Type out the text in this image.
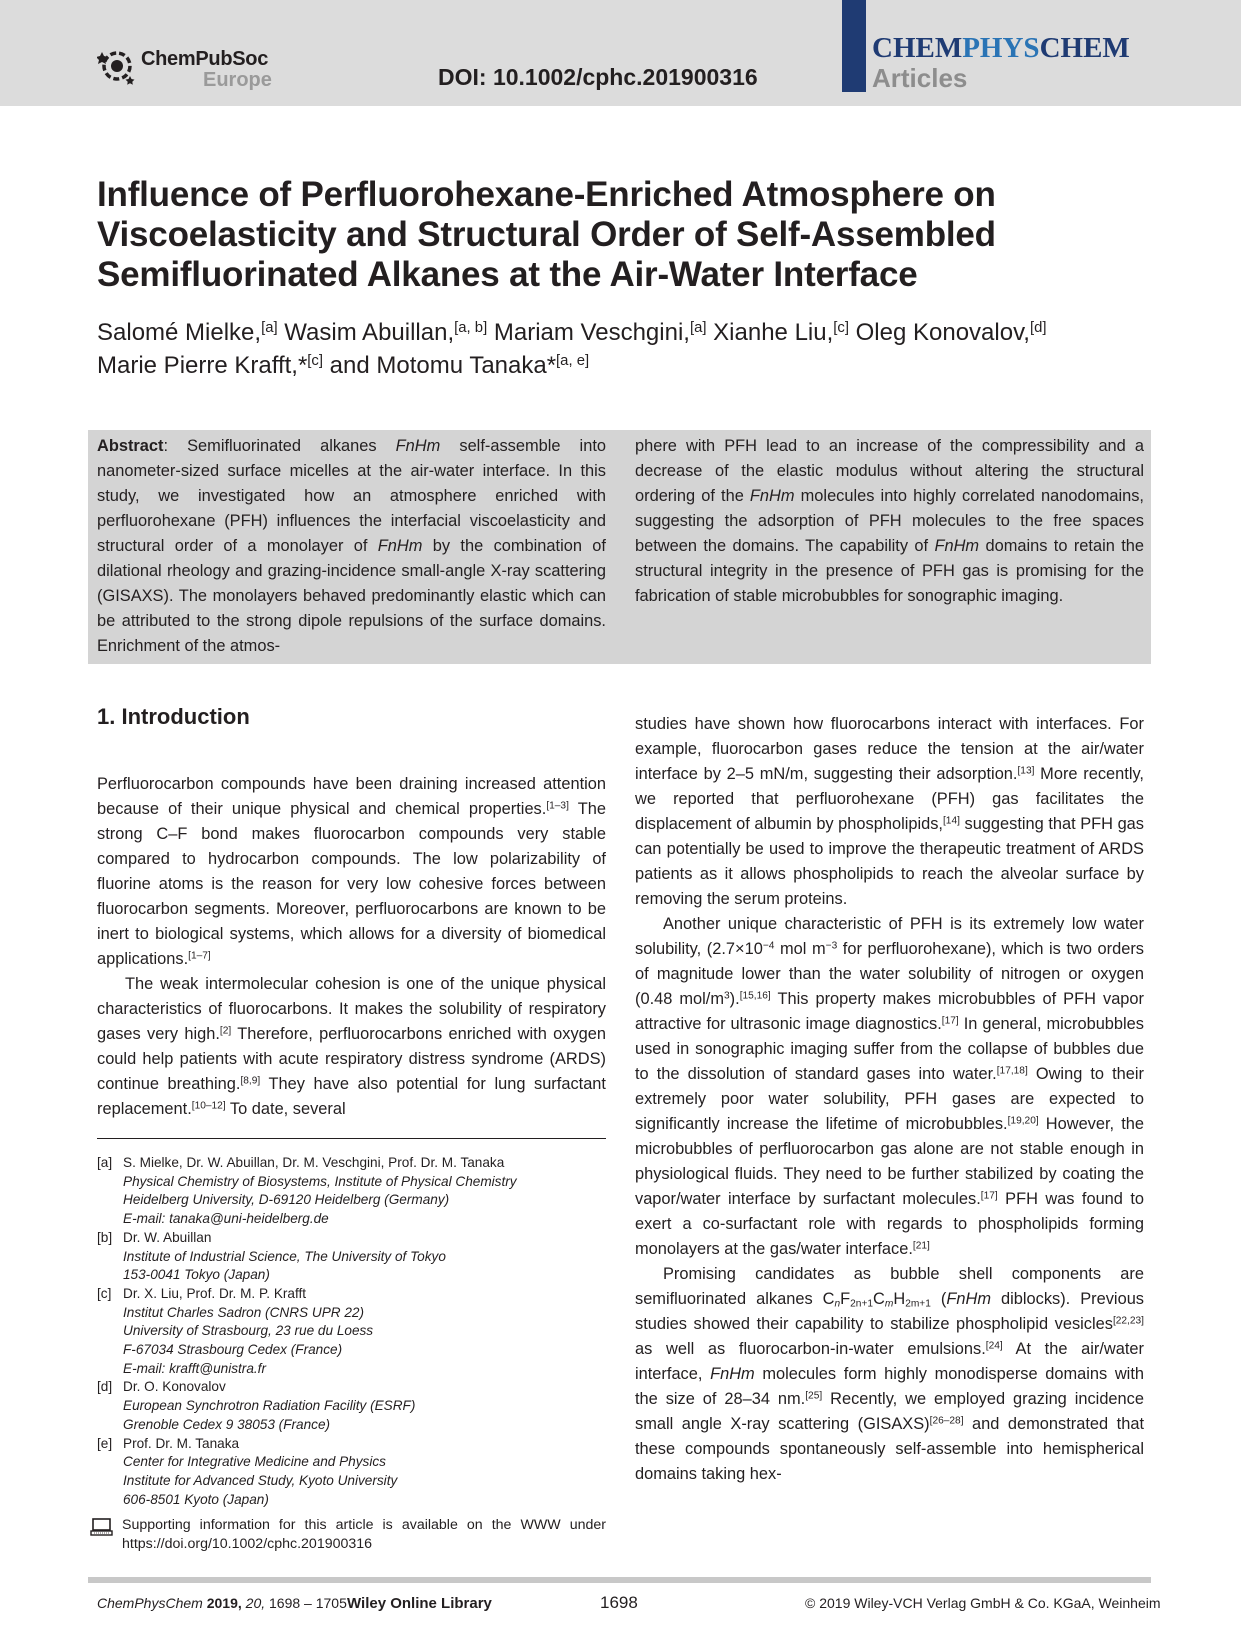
ChemPubSoc
Europe	DOI: 10.1002/cphc.201900316
CHEMPHYSCHEM
Articles
Influence of Perfluorohexane-Enriched Atmosphere on
Viscoelasticity and Structural Order of Self-Assembled
Semifluorinated Alkanes at the Air-Water Interface
Salomé Mielke,[a] Wasim Abuillan,[a, b] Mariam Veschgini,[a] Xianhe Liu,[c] Oleg Konovalov,[d]
Marie Pierre Krafft,*[c] and Motomu Tanaka*[a, e]
Abstract: Semifluorinated alkanes FnHm self-assemble into nanometer-sized surface micelles at the air-water interface. In this study, we investigated how an atmosphere enriched with perfluorohexane (PFH) influences the interfacial viscoelasticity and structural order of a monolayer of FnHm by the combination of dilational rheology and grazing-incidence small-angle X-ray scattering (GISAXS). The monolayers behaved predominantly elastic which can be attributed to the strong dipole repulsions of the surface domains. Enrichment of the atmos-
phere with PFH lead to an increase of the compressibility and a decrease of the elastic modulus without altering the structural ordering of the FnHm molecules into highly correlated nanodomains, suggesting the adsorption of PFH molecules to the free spaces between the domains. The capability of FnHm domains to retain the structural integrity in the presence of PFH gas is promising for the fabrication of stable microbubbles for sonographic imaging.
1. Introduction

Perfluorocarbon compounds have been draining increased attention because of their unique physical and chemical properties.[1–3] The strong C–F bond makes fluorocarbon compounds very stable compared to hydrocarbon compounds. The low polarizability of fluorine atoms is the reason for very low cohesive forces between fluorocarbon segments. Moreover, perfluorocarbons are known to be inert to biological systems, which allows for a diversity of biomedical applications.[1–7]

The weak intermolecular cohesion is one of the unique physical characteristics of fluorocarbons. It makes the solubility of respiratory gases very high.[2] Therefore, perfluorocarbons enriched with oxygen could help patients with acute respiratory distress syndrome (ARDS) continue breathing.[8,9] They have also potential for lung surfactant replacement.[10–12] To date, several

[a] S. Mielke, Dr. W. Abuillan, Dr. M. Veschgini, Prof. Dr. M. Tanaka
Physical Chemistry of Biosystems, Institute of Physical Chemistry
Heidelberg University, D-69120 Heidelberg (Germany)
E-mail: tanaka@uni-heidelberg.de
[b] Dr. W. Abuillan
Institute of Industrial Science, The University of Tokyo
153-0041 Tokyo (Japan)
[c] Dr. X. Liu, Prof. Dr. M. P. Krafft
Institut Charles Sadron (CNRS UPR 22)
University of Strasbourg, 23 rue du Loess
F-67034 Strasbourg Cedex (France)
E-mail: krafft@unistra.fr
[d] Dr. O. Konovalov
European Synchrotron Radiation Facility (ESRF)
Grenoble Cedex 9 38053 (France)
[e] Prof. Dr. M. Tanaka
Center for Integrative Medicine and Physics
Institute for Advanced Study, Kyoto University
606-8501 Kyoto (Japan)
Supporting information for this article is available on the WWW under https://doi.org/10.1002/cphc.201900316

studies have shown how fluorocarbons interact with interfaces. For example, fluorocarbon gases reduce the tension at the air/water interface by 2–5 mN/m, suggesting their adsorption.[13] More recently, we reported that perfluorohexane (PFH) gas facilitates the displacement of albumin by phospholipids,[14] suggesting that PFH gas can potentially be used to improve the therapeutic treatment of ARDS patients as it allows phospholipids to reach the alveolar surface by removing the serum proteins.

Another unique characteristic of PFH is its extremely low water solubility, ($2.7\times 10^{-4}$ mol $m^{-3}$ for perfluorohexane), which is two orders of magnitude lower than the water solubility of nitrogen or oxygen (0.48 mol/$m^3).[15,16]$ This property makes microbubbles of PFH vapor attractive for ultrasonic image diagnostics.[17] In general, microbubbles used in sonographic imaging suffer from the collapse of bubbles due to the dissolution of standard gases into water.[17,18] Owing to their extremely poor water solubility, PFH gases are expected to significantly increase the lifetime of microbubbles.[19,20] However, the microbubbles of perfluorocarbon gas alone are not stable enough in physiological fluids. They need to be further stabilized by coating the vapor/water interface by surfactant molecules.[17] PFH was found to exert a co-surfactant role with regards to phospholipids forming monolayers at the gas/water interface.[21]

Promising candidates as bubble shell components are semifluorinated alkanes $C_nF_{2n+1}C_mH_{2m+1}$ (FnHm diblocks). Previous studies showed their capability to stabilize phospholipid vesicles[22,23] as well as fluorocarbon-in-water emulsions.[24] At the air/water interface, FnHm molecules form highly monodisperse domains with the size of 28–34 nm.[25] Recently, we employed grazing incidence small angle X-ray scattering (GISAXS)[26–28] and demonstrated that these compounds spontaneously self-assemble into hemispherical domains taking hex-

ChemPhysChem 2019, 20, 1698 – 1705 Wiley Online Library	1698	© 2019 Wiley-VCH Verlag GmbH & Co. KGaA, Weinheim
